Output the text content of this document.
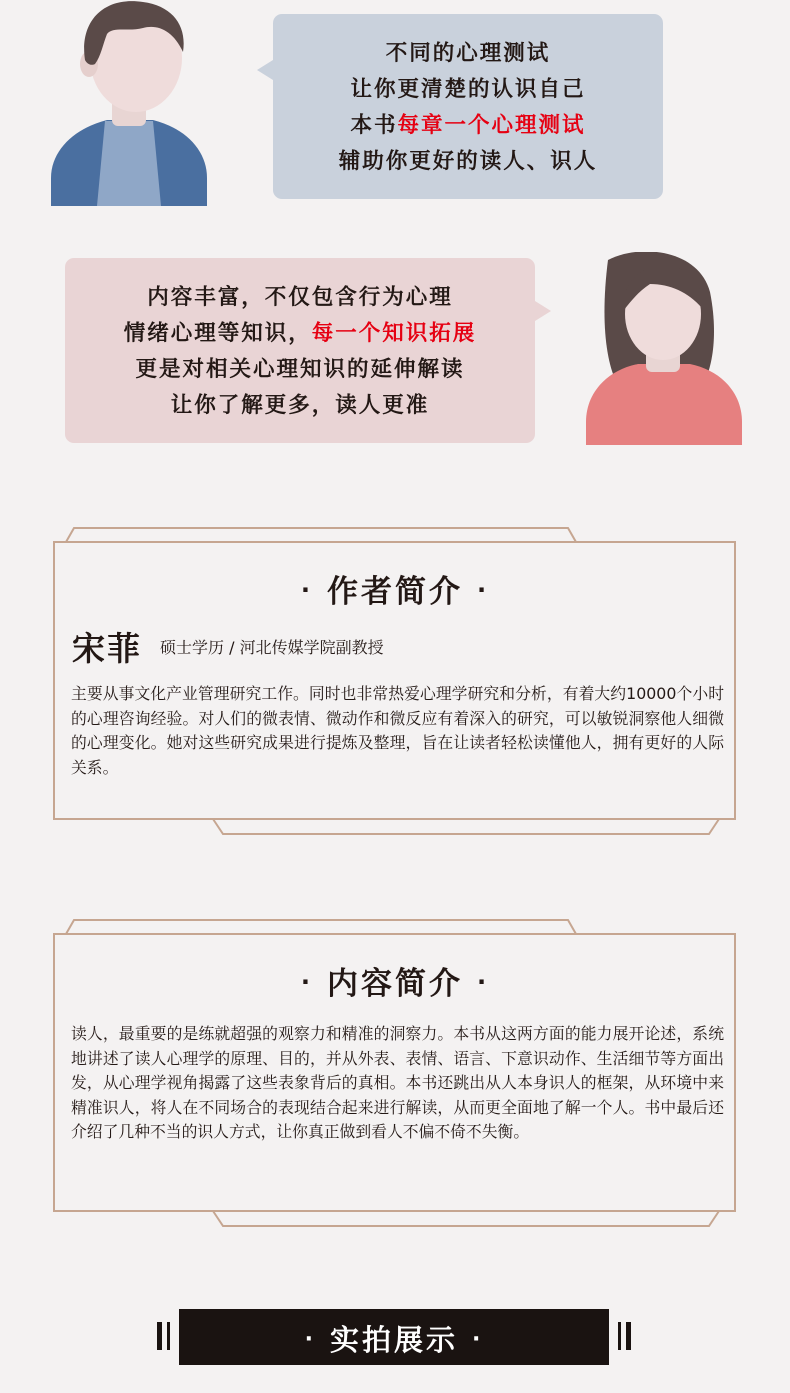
不同的心理测试
让你更清楚的认识自己
本书每章一个心理测试
辅助你更好的读人、识人
内容丰富，不仅包含行为心理
情绪心理等知识，每一个知识拓展
更是对相关心理知识的延伸解读
让你了解更多，读人更准
· 作者简介 ·
宋菲 硕士学历 / 河北传媒学院副教授
主要从事文化产业管理研究工作。同时也非常热爱心理学研究和分析，有着大约10000个小时的心理咨询经验。对人们的微表情、微动作和微反应有着深入的研究，可以敏锐洞察他人细微的心理变化。她对这些研究成果进行提炼及整理，旨在让读者轻松读懂他人，拥有更好的人际关系。
· 内容简介 ·
读人，最重要的是练就超强的观察力和精准的洞察力。本书从这两方面的能力展开论述，系统地讲述了读人心理学的原理、目的，并从外表、表情、语言、下意识动作、生活细节等方面出发，从心理学视角揭露了这些表象背后的真相。本书还跳出从人本身识人的框架，从环境中来精准识人，将人在不同场合的表现结合起来进行解读，从而更全面地了解一个人。书中最后还介绍了几种不当的识人方式，让你真正做到看人不偏不倚不失衡。
· 实拍展示 ·
